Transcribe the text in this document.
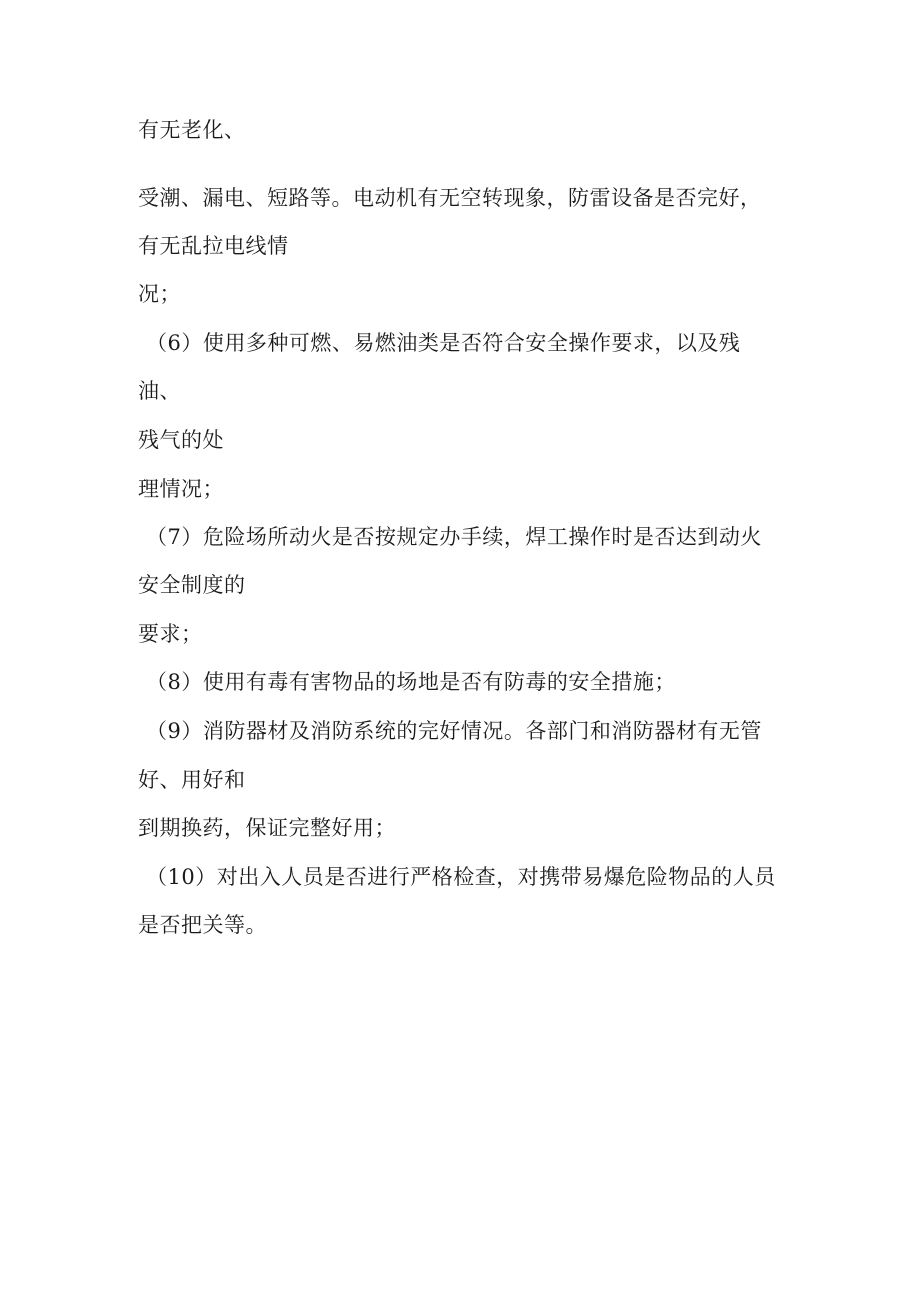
有无老化、

受潮、漏电、短路等。电动机有无空转现象，防雷设备是否完好，

有无乱拉电线情

况；

（6）使用多种可燃、易燃油类是否符合安全操作要求，以及残

油、

残气的处

理情况；

（7）危险场所动火是否按规定办手续，焊工操作时是否达到动火

安全制度的

要求；

（8）使用有毒有害物品的场地是否有防毒的安全措施；

（9）消防器材及消防系统的完好情况。各部门和消防器材有无管

好、用好和

到期换药，保证完整好用；

（10）对出入人员是否进行严格检查，对携带易爆危险物品的人员

是否把关等。
